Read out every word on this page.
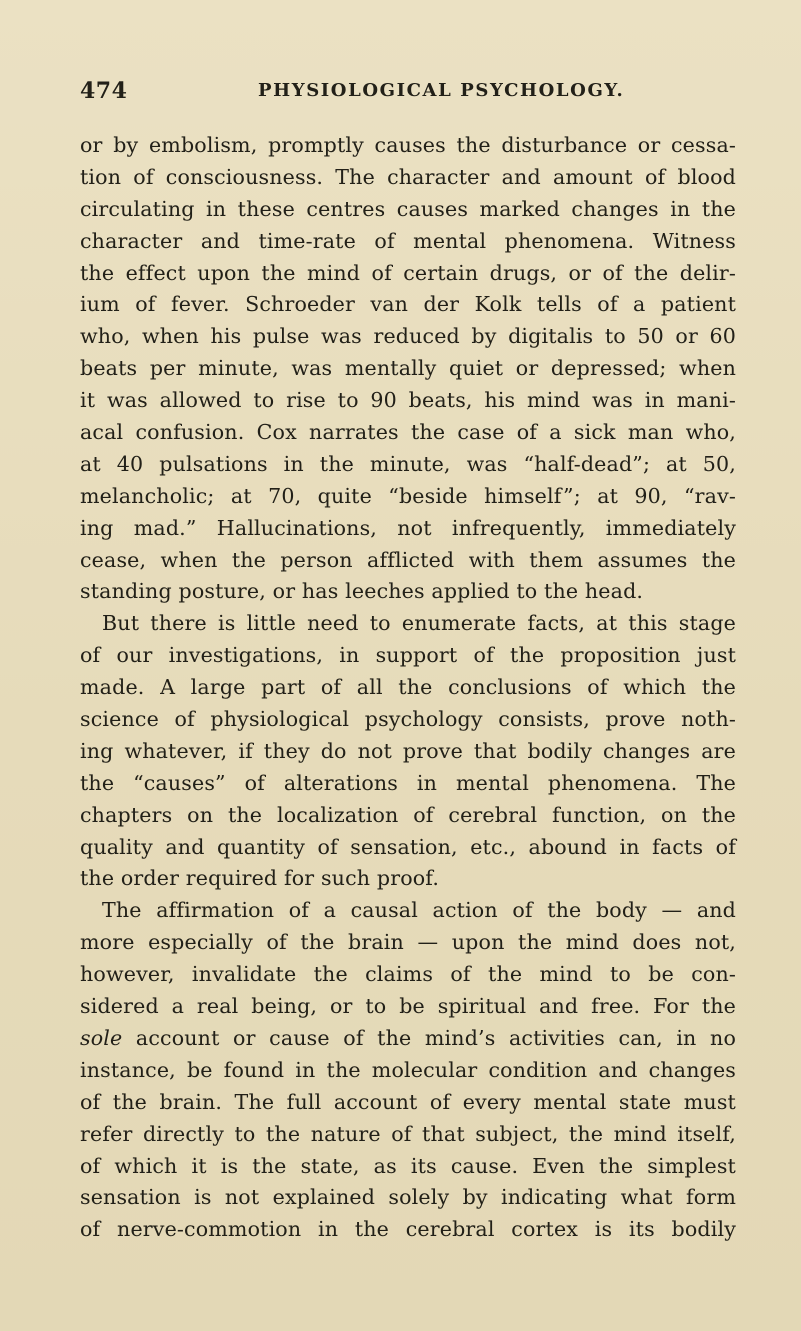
474	PHYSIOLOGICAL PSYCHOLOGY.
or by embolism, promptly causes the disturbance or cessa-
tion of consciousness. The character and amount of blood
circulating in these centres causes marked changes in the
character and time-rate of mental phenomena. Witness
the effect upon the mind of certain drugs, or of the delir-
ium of fever. Schroeder van der Kolk tells of a patient
who, when his pulse was reduced by digitalis to 50 or 60
beats per minute, was mentally quiet or depressed; when
it was allowed to rise to 90 beats, his mind was in mani-
acal confusion. Cox narrates the case of a sick man who,
at 40 pulsations in the minute, was “half-dead”; at 50,
melancholic; at 70, quite “beside himself”; at 90, “rav-
ing mad.” Hallucinations, not infrequently, immediately
cease, when the person afflicted with them assumes the
standing posture, or has leeches applied to the head.
But there is little need to enumerate facts, at this stage
of our investigations, in support of the proposition just
made. A large part of all the conclusions of which the
science of physiological psychology consists, prove noth-
ing whatever, if they do not prove that bodily changes are
the “causes” of alterations in mental phenomena. The
chapters on the localization of cerebral function, on the
quality and quantity of sensation, etc., abound in facts of
the order required for such proof.
The affirmation of a causal action of the body — and
more especially of the brain — upon the mind does not,
however, invalidate the claims of the mind to be con-
sidered a real being, or to be spiritual and free. For the
sole account or cause of the mind’s activities can, in no
instance, be found in the molecular condition and changes
of the brain. The full account of every mental state must
refer directly to the nature of that subject, the mind itself,
of which it is the state, as its cause. Even the simplest
sensation is not explained solely by indicating what form
of nerve-commotion in the cerebral cortex is its bodily
